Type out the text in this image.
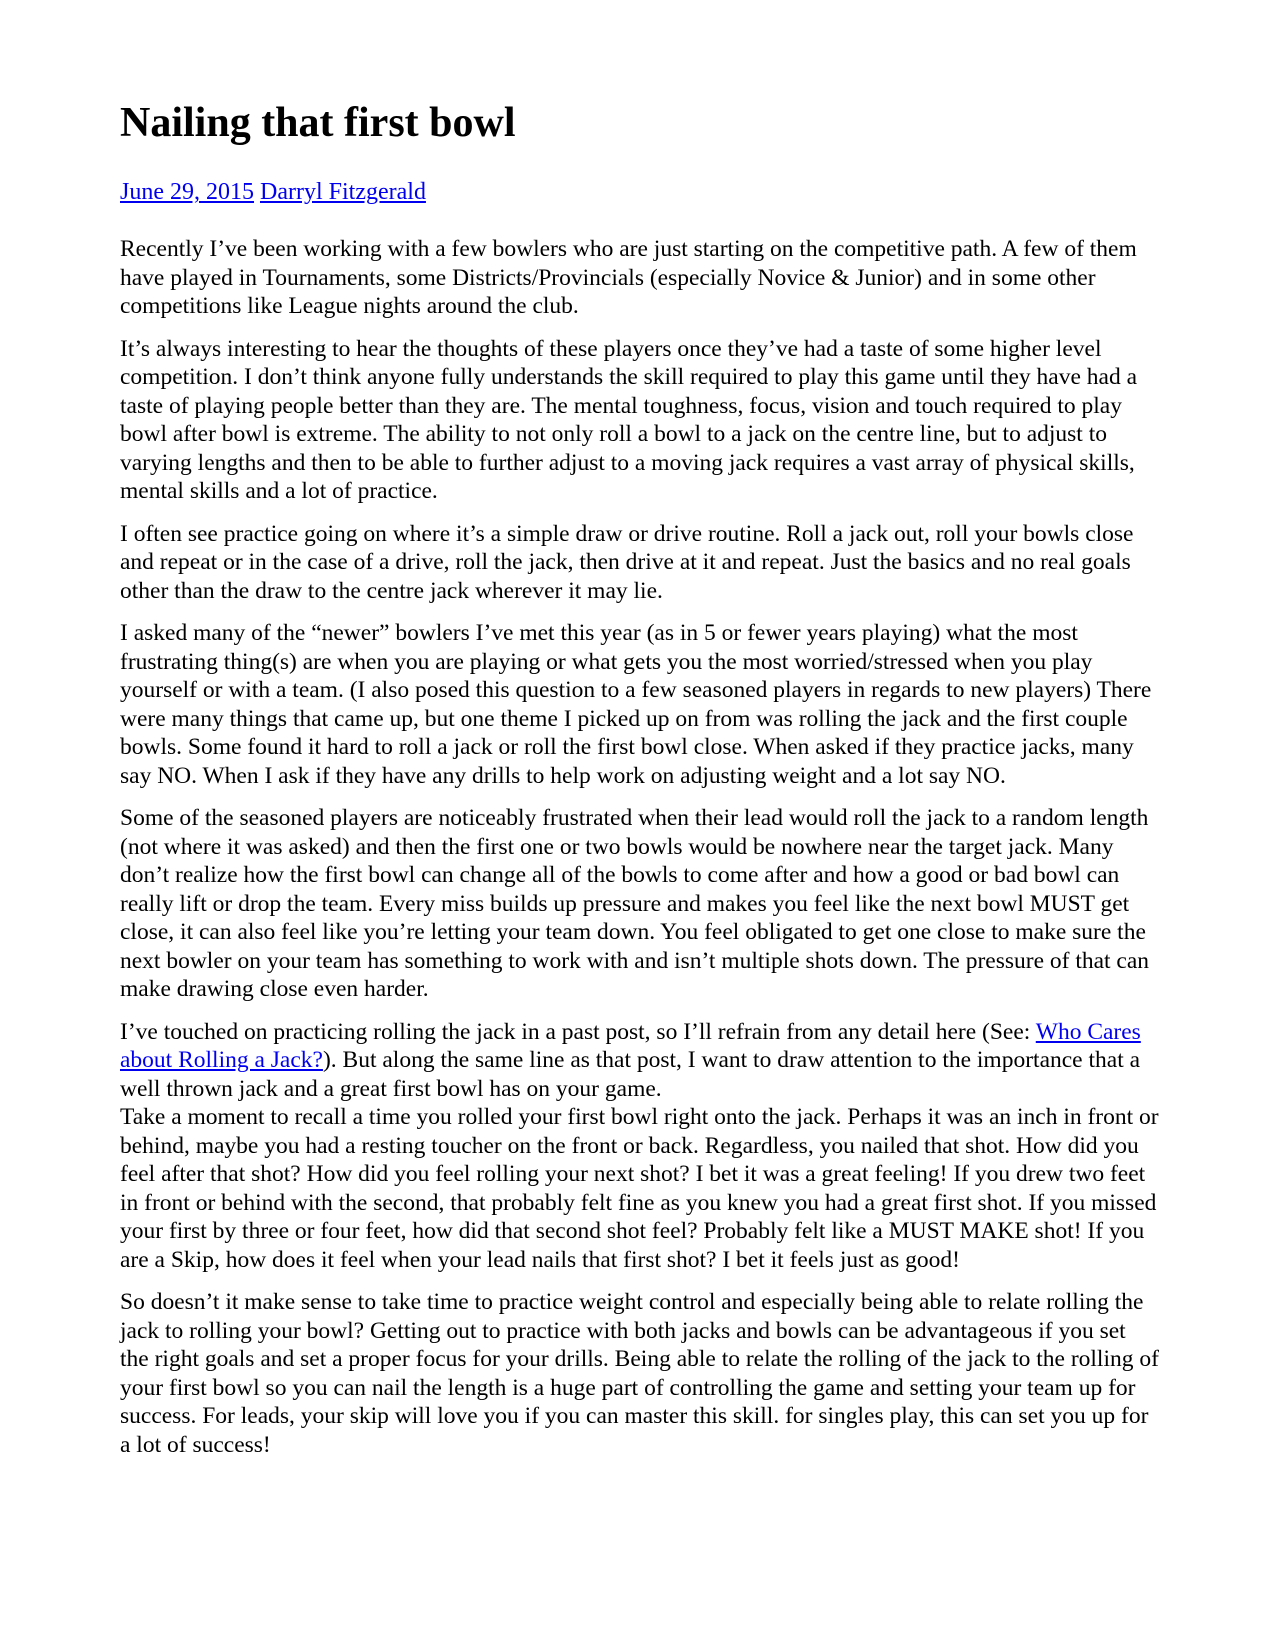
Nailing that first bowl
June 29, 2015 Darryl Fitzgerald

Recently I’ve been working with a few bowlers who are just starting on the competitive path. A few of them have played in Tournaments, some Districts/Provincials (especially Novice & Junior) and in some other competitions like League nights around the club.

It’s always interesting to hear the thoughts of these players once they’ve had a taste of some higher level competition. I don’t think anyone fully understands the skill required to play this game until they have had a taste of playing people better than they are. The mental toughness, focus, vision and touch required to play bowl after bowl is extreme. The ability to not only roll a bowl to a jack on the centre line, but to adjust to varying lengths and then to be able to further adjust to a moving jack requires a vast array of physical skills, mental skills and a lot of practice.

I often see practice going on where it’s a simple draw or drive routine. Roll a jack out, roll your bowls close and repeat or in the case of a drive, roll the jack, then drive at it and repeat. Just the basics and no real goals other than the draw to the centre jack wherever it may lie.

I asked many of the “newer” bowlers I’ve met this year (as in 5 or fewer years playing) what the most frustrating thing(s) are when you are playing or what gets you the most worried/stressed when you play yourself or with a team. (I also posed this question to a few seasoned players in regards to new players) There were many things that came up, but one theme I picked up on from was rolling the jack and the first couple bowls. Some found it hard to roll a jack or roll the first bowl close. When asked if they practice jacks, many say NO. When I ask if they have any drills to help work on adjusting weight and a lot say NO.

Some of the seasoned players are noticeably frustrated when their lead would roll the jack to a random length (not where it was asked) and then the first one or two bowls would be nowhere near the target jack. Many don’t realize how the first bowl can change all of the bowls to come after and how a good or bad bowl can really lift or drop the team. Every miss builds up pressure and makes you feel like the next bowl MUST get close, it can also feel like you’re letting your team down. You feel obligated to get one close to make sure the next bowler on your team has something to work with and isn’t multiple shots down. The pressure of that can make drawing close even harder.

I’ve touched on practicing rolling the jack in a past post, so I’ll refrain from any detail here (See: Who Cares about Rolling a Jack?). But along the same line as that post, I want to draw attention to the importance that a well thrown jack and a great first bowl has on your game.

Take a moment to recall a time you rolled your first bowl right onto the jack. Perhaps it was an inch in front or behind, maybe you had a resting toucher on the front or back. Regardless, you nailed that shot. How did you feel after that shot? How did you feel rolling your next shot? I bet it was a great feeling! If you drew two feet in front or behind with the second, that probably felt fine as you knew you had a great first shot. If you missed your first by three or four feet, how did that second shot feel? Probably felt like a MUST MAKE shot! If you are a Skip, how does it feel when your lead nails that first shot? I bet it feels just as good!

So doesn’t it make sense to take time to practice weight control and especially being able to relate rolling the jack to rolling your bowl? Getting out to practice with both jacks and bowls can be advantageous if you set the right goals and set a proper focus for your drills. Being able to relate the rolling of the jack to the rolling of your first bowl so you can nail the length is a huge part of controlling the game and setting your team up for success. For leads, your skip will love you if you can master this skill. for singles play, this can set you up for a lot of success!
